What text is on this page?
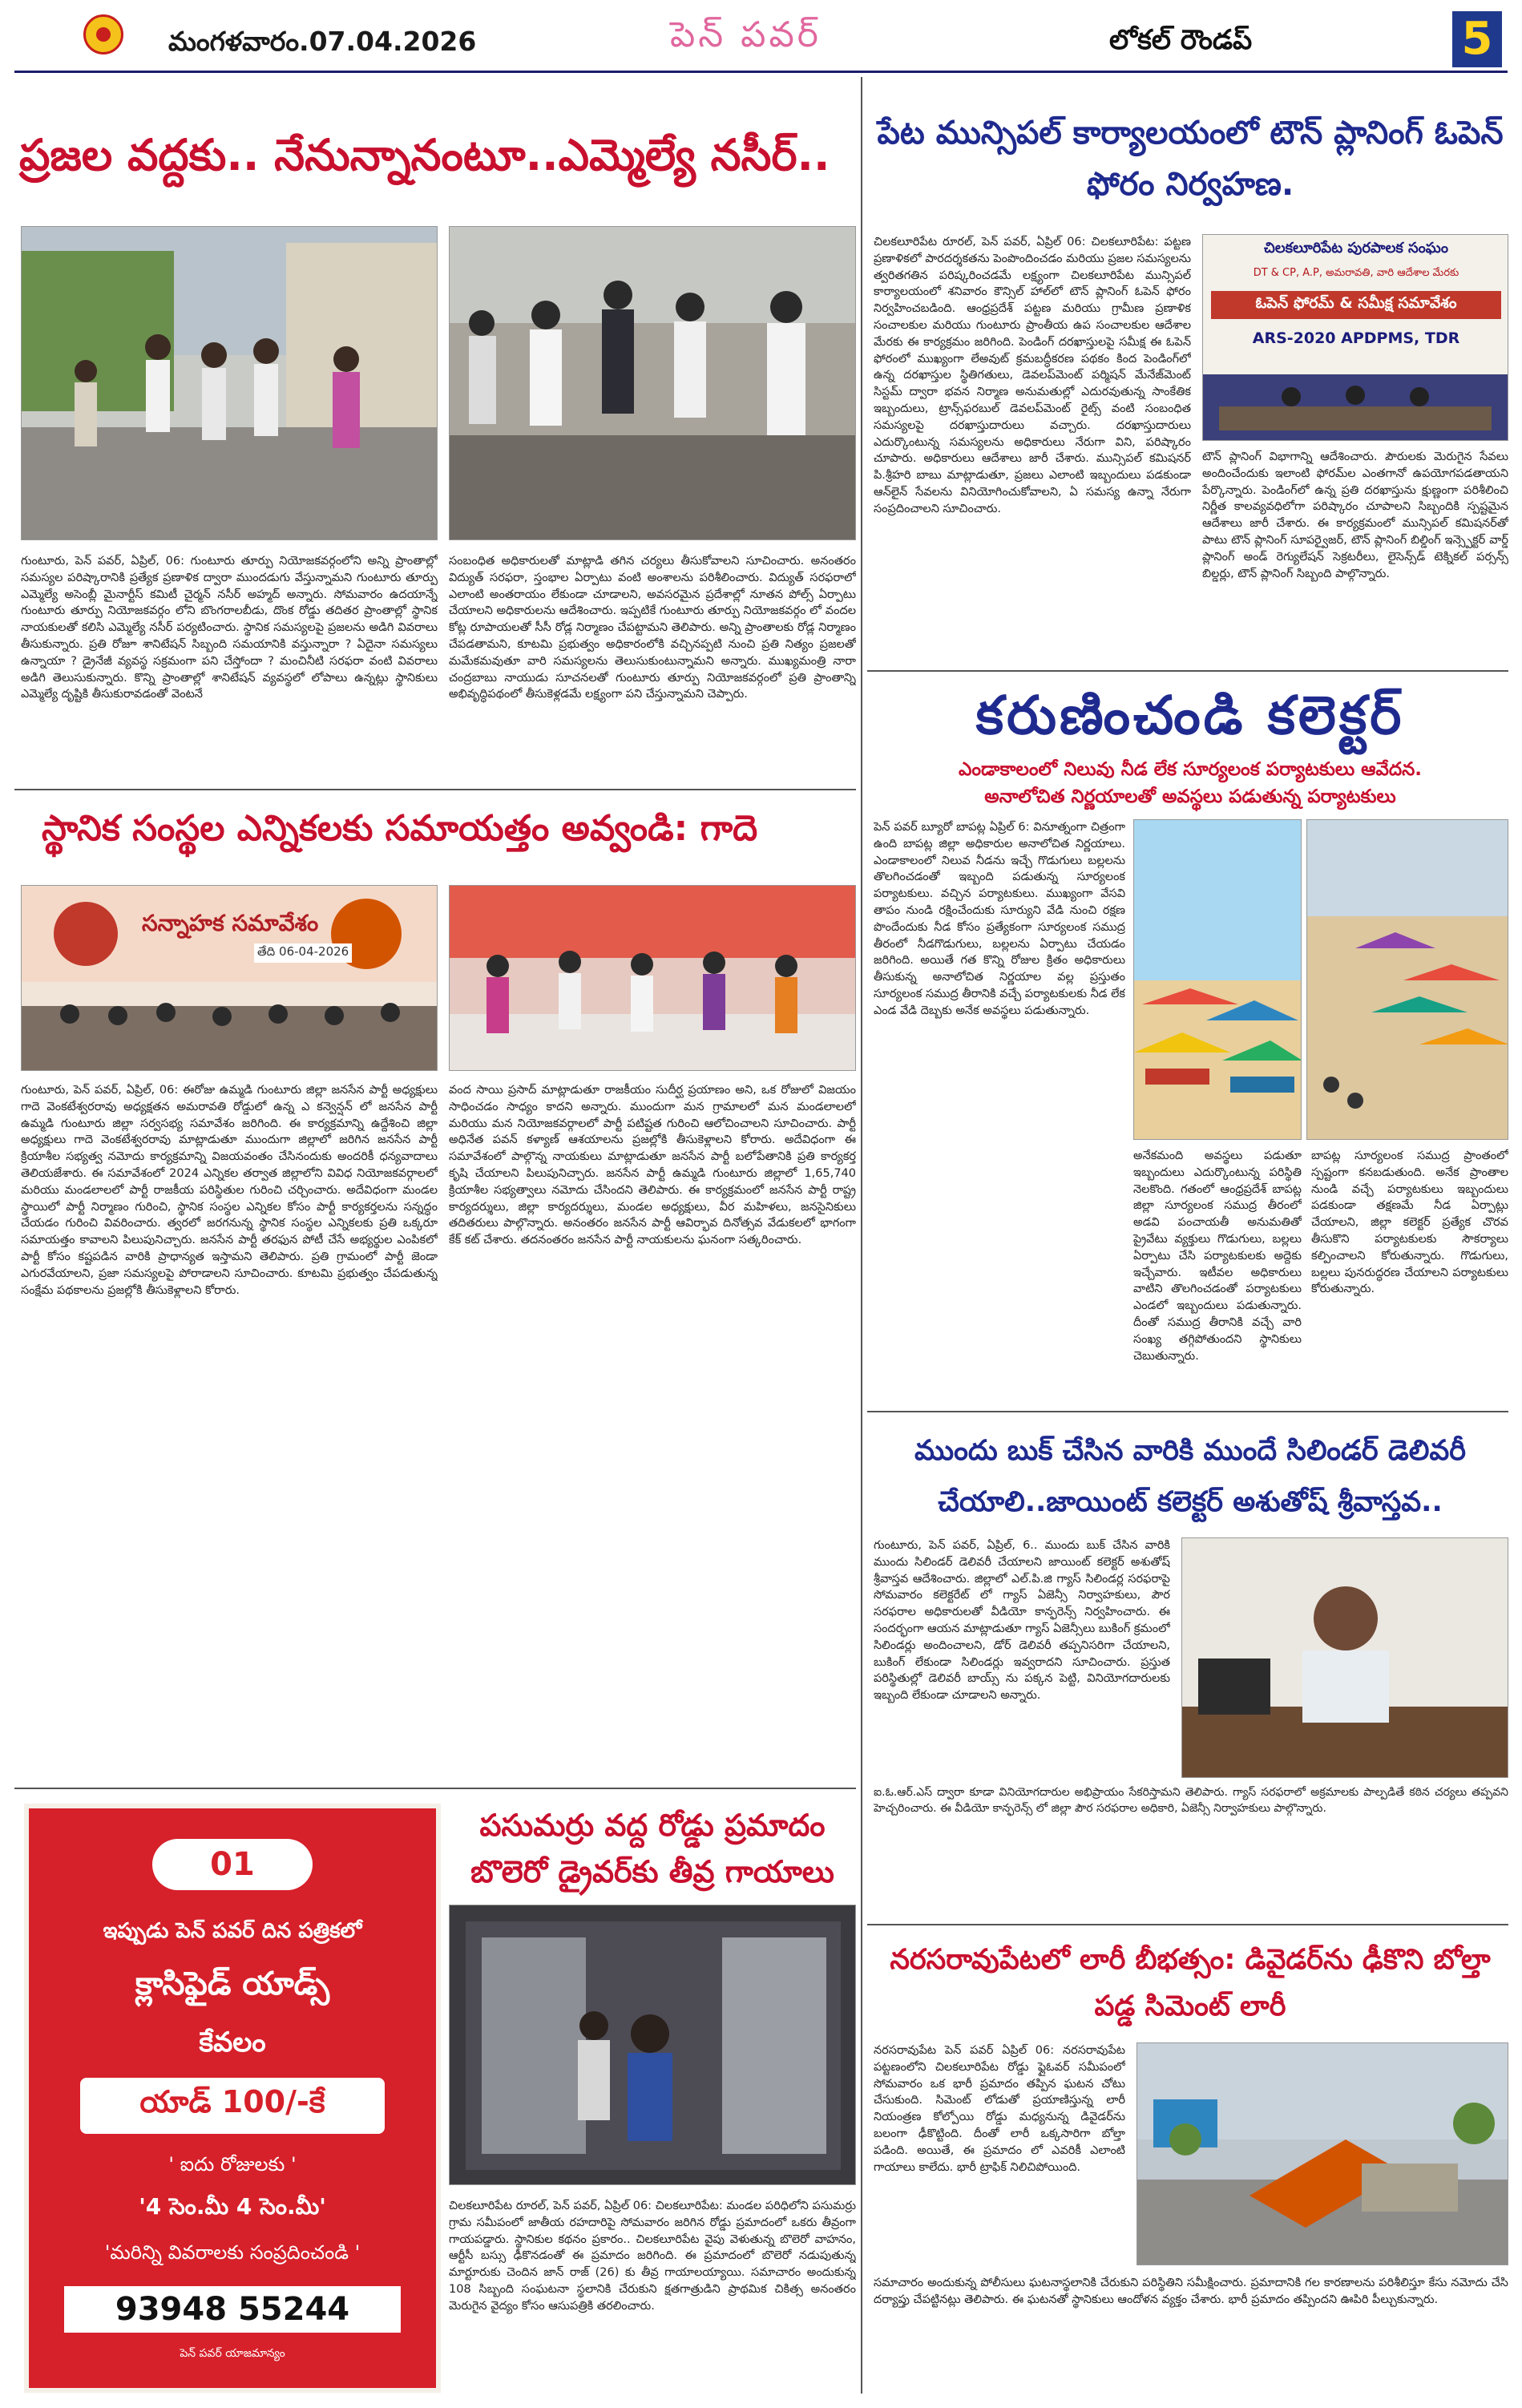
మంగళవారం.07.04.2026	పెన్ పవర్	లోకల్ రౌండప్	5
ప్రజల వద్దకు.. నేనున్నానంటూ..ఎమ్మెల్యే నసీర్..
గుంటూరు, పెన్ పవర్, ఏప్రిల్, 06: గుంటూరు తూర్పు నియోజకవర్గంలోని అన్ని ప్రాంతాల్లో సమస్యల పరిష్కారానికి ప్రత్యేక ప్రణాళిక ద్వారా ముందడుగు వేస్తున్నామని గుంటూరు తూర్పు ఎమ్మెల్యే అసెంబ్లీ మైనార్టీస్ కమిటీ చైర్మన్ నసీర్ అహ్మద్ అన్నారు. సోమవారం ఉదయాన్నే గుంటూరు తూర్పు నియోజకవర్గం లోని బొంగరాలబీడు, దొంక రోడ్డు తదితర ప్రాంతాల్లో స్థానిక నాయకులతో కలిసి ఎమ్మెల్యే నసీర్ పర్యటించారు. స్థానిక సమస్యలపై ప్రజలను అడిగి వివరాలు తీసుకున్నారు. ప్రతి రోజూ శానిటేషన్ సిబ్బంది సమయానికి వస్తున్నారా ? ఏదైనా సమస్యలు ఉన్నాయా ? డ్రైనేజీ వ్యవస్థ సక్రమంగా పని చేస్తోందా ? మంచినీటి సరఫరా వంటి వివరాలు అడిగి తెలుసుకున్నారు. కొన్ని ప్రాంతాల్లో శానిటేషన్ వ్యవస్థలో లోపాలు ఉన్నట్లు స్థానికులు ఎమ్మెల్యే దృష్టికి తీసుకురావడంతో వెంటనే
సంబంధిత అధికారులతో మాట్లాడి తగిన చర్యలు తీసుకోవాలని సూచించారు. అనంతరం విద్యుత్ సరఫరా, స్తంభాల ఏర్పాటు వంటి అంశాలను పరిశీలించారు. విద్యుత్ సరఫరాలో ఎలాంటి అంతరాయం లేకుండా చూడాలని, అవసరమైన ప్రదేశాల్లో నూతన పోల్స్ ఏర్పాటు చేయాలని అధికారులను ఆదేశించారు. ఇప్పటికే గుంటూరు తూర్పు నియోజకవర్గం లో వందల కోట్ల రూపాయలతో సీసీ రోడ్ల నిర్మాణం చేపట్టామని తెలిపారు. అన్ని ప్రాంతాలకు రోడ్ల నిర్మాణం చేపడతామని, కూటమి ప్రభుత్వం అధికారంలోకి వచ్చినప్పటి నుంచి ప్రతి నిత్యం ప్రజలతో మమేకమవుతూ వారి సమస్యలను తెలుసుకుంటున్నామని అన్నారు. ముఖ్యమంత్రి నారా చంద్రబాబు నాయుడు సూచనలతో గుంటూరు తూర్పు నియోజకవర్గంలో ప్రతి ప్రాంతాన్ని అభివృద్ధిపథంలో తీసుకెళ్లడమే లక్ష్యంగా పని చేస్తున్నామని చెప్పారు.
స్థానిక సంస్థల ఎన్నికలకు సమాయత్తం అవ్వండి: గాదె
సన్నాహక సమావేశం
తేది 06-04-2026
గుంటూరు, పెన్ పవర్, ఏప్రిల్, 06: ఈరోజు ఉమ్మడి గుంటూరు జిల్లా జనసేన పార్టీ అధ్యక్షులు గాదె వెంకటేశ్వరరావు అధ్యక్షతన అమరావతి రోడ్డులో ఉన్న ఎ కన్వెన్షన్ లో జనసేన పార్టీ ఉమ్మడి గుంటూరు జిల్లా సర్వసభ్య సమావేశం జరిగింది. ఈ కార్యక్రమాన్ని ఉద్దేశించి జిల్లా అధ్యక్షులు గాదె వెంకటేశ్వరరావు మాట్లాడుతూ ముందుగా జిల్లాలో జరిగిన జనసేన పార్టీ క్రియాశీల సభ్యత్వ నమోదు కార్యక్రమాన్ని విజయవంతం చేసినందుకు అందరికీ ధన్యవాదాలు తెలియజేశారు. ఈ సమావేశంలో 2024 ఎన్నికల తర్వాత జిల్లాలోని వివిధ నియోజకవర్గాలలో మరియు మండలాలలో పార్టీ రాజకీయ పరిస్థితుల గురించి చర్చించారు. అదేవిధంగా మండల స్థాయిలో పార్టీ నిర్మాణం గురించి, స్థానిక సంస్థల ఎన్నికల కోసం పార్టీ కార్యకర్తలను సన్నద్ధం చేయడం గురించి వివరించారు. త్వరలో జరగనున్న స్థానిక సంస్థల ఎన్నికలకు ప్రతి ఒక్కరూ సమాయత్తం కావాలని పిలుపునిచ్చారు. జనసేన పార్టీ తరఫున పోటీ చేసే అభ్యర్థుల ఎంపికలో పార్టీ కోసం కష్టపడిన వారికి ప్రాధాన్యత ఇస్తామని తెలిపారు. ప్రతి గ్రామంలో పార్టీ జెండా ఎగురవేయాలని, ప్రజా సమస్యలపై పోరాడాలని సూచించారు. కూటమి ప్రభుత్వం చేపడుతున్న సంక్షేమ పథకాలను ప్రజల్లోకి తీసుకెళ్లాలని కోరారు.
వంద సాయి ప్రసాద్ మాట్లాడుతూ రాజకీయం సుదీర్ఘ ప్రయాణం అని, ఒక రోజులో విజయం సాధించడం సాధ్యం కాదని అన్నారు. ముందుగా మన గ్రామాలలో మన మండలాలలో మరియు మన నియోజకవర్గాలలో పార్టీ పటిష్టత గురించి ఆలోచించాలని సూచించారు. పార్టీ అధినేత పవన్ కళ్యాణ్ ఆశయాలను ప్రజల్లోకి తీసుకెళ్లాలని కోరారు. అదేవిధంగా ఈ సమావేశంలో పాల్గొన్న నాయకులు మాట్లాడుతూ జనసేన పార్టీ బలోపేతానికి ప్రతి కార్యకర్త కృషి చేయాలని పిలుపునిచ్చారు. జనసేన పార్టీ ఉమ్మడి గుంటూరు జిల్లాలో 1,65,740 క్రియాశీల సభ్యత్వాలు నమోదు చేసిందని తెలిపారు. ఈ కార్యక్రమంలో జనసేన పార్టీ రాష్ట్ర కార్యదర్శులు, జిల్లా కార్యదర్శులు, మండల అధ్యక్షులు, వీర మహిళలు, జనసైనికులు తదితరులు పాల్గొన్నారు. అనంతరం జనసేన పార్టీ ఆవిర్భావ దినోత్సవ వేడుకలలో భాగంగా కేక్ కట్ చేశారు. తదనంతరం జనసేన పార్టీ నాయకులను ఘనంగా సత్కరించారు.
01
ఇప్పుడు పెన్ పవర్ దిన పత్రికలో
క్లాసిఫైడ్ యాడ్స్
కేవలం
యాడ్ 100/-కే
' ఐదు రోజులకు '
'4 సెం.మీ 4 సెం.మీ'
'మరిన్ని వివరాలకు సంప్రదించండి '
93948 55244
పెన్ పవర్ యాజమాన్యం
పసుమర్రు వద్ద రోడ్డు ప్రమాదం
బొలెరో డ్రైవర్‌కు తీవ్ర గాయాలు
చిలకలూరిపేట రూరల్, పెన్ పవర్, ఏప్రిల్ 06: చిలకలూరిపేట: మండల పరిధిలోని పసుమర్రు గ్రామ సమీపంలో జాతీయ రహదారిపై సోమవారం జరిగిన రోడ్డు ప్రమాదంలో ఒకరు తీవ్రంగా గాయపడ్డారు. స్థానికుల కథనం ప్రకారం.. చిలకలూరిపేట వైపు వెళుతున్న బొలెరో వాహనం, ఆర్టీసీ బస్సు ఢీకొనడంతో ఈ ప్రమాదం జరిగింది. ఈ ప్రమాదంలో బొలెరో నడుపుతున్న మార్టూరుకు చెందిన జాన్ రాజ్ (26) కు తీవ్ర గాయాలయ్యాయి. సమాచారం అందుకున్న 108 సిబ్బంది సంఘటనా స్థలానికి చేరుకుని క్షతగాత్రుడిని ప్రాథమిక చికిత్స అనంతరం మెరుగైన వైద్యం కోసం ఆసుపత్రికి తరలించారు.
పేట మున్సిపల్ కార్యాలయంలో టౌన్ ప్లానింగ్ ఓపెన్ ఫోరం నిర్వహణ.
చిలకలూరిపేట రూరల్, పెన్ పవర్, ఏప్రిల్ 06: చిలకలూరిపేట: పట్టణ ప్రణాళికలో పారదర్శకతను పెంపొందించడం మరియు ప్రజల సమస్యలను త్వరితగతిన పరిష్కరించడమే లక్ష్యంగా చిలకలూరిపేట మున్సిపల్ కార్యాలయంలో శనివారం కౌన్సిల్ హాల్‌లో టౌన్ ప్లానింగ్ ఓపెన్ ఫోరం నిర్వహించబడింది. ఆంధ్రప్రదేశ్ పట్టణ మరియు గ్రామీణ ప్రణాళిక సంచాలకుల మరియు గుంటూరు ప్రాంతీయ ఉప సంచాలకుల ఆదేశాల మేరకు ఈ కార్యక్రమం జరిగింది. పెండింగ్ దరఖాస్తులపై సమీక్ష ఈ ఓపెన్ ఫోరంలో ముఖ్యంగా లేఅవుట్ క్రమబద్ధీకరణ పథకం కింద పెండింగ్‌లో ఉన్న దరఖాస్తుల స్థితిగతులు, డెవలప్‌మెంట్ పర్మిషన్ మేనేజ్‌మెంట్ సిస్టమ్ ద్వారా భవన నిర్మాణ అనుమతుల్లో ఎదురవుతున్న సాంకేతిక ఇబ్బందులు, ట్రాన్స్‌ఫరబుల్ డెవలప్‌మెంట్ రైట్స్ వంటి సంబంధిత సమస్యలపై దరఖాస్తుదారులు వచ్చారు. దరఖాస్తుదారులు ఎదుర్కొంటున్న సమస్యలను అధికారులు నేరుగా విని, పరిష్కారం చూపారు. అధికారులు ఆదేశాలు జారీ చేశారు. మున్సిపల్ కమిషనర్ పి.శ్రీహరి బాబు మాట్లాడుతూ, ప్రజలు ఎలాంటి ఇబ్బందులు పడకుండా ఆన్‌లైన్ సేవలను వినియోగించుకోవాలని, ఏ సమస్య ఉన్నా నేరుగా సంప్రదించాలని సూచించారు.
చిలకలూరిపేట పురపాలక సంఘం
DT & CP, A.P, అమరావతి, వారి ఆదేశాల మేరకు
ఓపెన్ ఫోరమ్ & సమీక్ష సమావేశం
ARS-2020 APDPMS, TDR
టౌన్ ప్లానింగ్ విభాగాన్ని ఆదేశించారు. పౌరులకు మెరుగైన సేవలు అందించేందుకు ఇలాంటి ఫోరమ్‌ల ఎంతగానో ఉపయోగపడతాయని పేర్కొన్నారు. పెండింగ్‌లో ఉన్న ప్రతి దరఖాస్తును క్షుణ్ణంగా పరిశీలించి నిర్ణీత కాలవ్యవధిలోగా పరిష్కారం చూపాలని సిబ్బందికి స్పష్టమైన ఆదేశాలు జారీ చేశారు. ఈ కార్యక్రమంలో మున్సిపల్ కమిషనర్‌తో పాటు టౌన్ ప్లానింగ్ సూపర్వైజర్, టౌన్ ప్లానింగ్ బిల్డింగ్ ఇన్స్పెక్టర్ వార్డ్ ప్లానింగ్ అండ్ రెగ్యులేషన్ సెక్రటరీలు, లైసెన్స్‌డ్ టెక్నికల్ పర్సన్స్ బిల్డర్లు, టౌన్ ప్లానింగ్ సిబ్బంది పాల్గొన్నారు.
కరుణించండి కలెక్టర్
ఎండాకాలంలో నిలువు నీడ లేక సూర్యలంక పర్యాటకులు ఆవేదన.
అనాలోచిత నిర్ణయాలతో అవస్థలు పడుతున్న పర్యాటకులు
పెన్ పవర్ బ్యూరో బాపట్ల ఏప్రిల్ 6: వినూత్నంగా చిత్రంగా ఉంది బాపట్ల జిల్లా అధికారుల అనాలోచిత నిర్ణయాలు. ఎండాకాలంలో నిలువ నీడను ఇచ్చే గొడుగులు బల్లలను తొలగించడంతో ఇబ్బంది పడుతున్న సూర్యలంక పర్యాటకులు. వచ్చిన పర్యాటకులు. ముఖ్యంగా వేసవి తాపం నుండి రక్షించేందుకు సూర్యుని వేడి నుంచి రక్షణ పొందేందుకు నీడ కోసం ప్రత్యేకంగా సూర్యలంక సముద్ర తీరంలో నీడగొడుగులు, బల్లలను ఏర్పాటు చేయడం జరిగింది. అయితే గత కొన్ని రోజుల క్రితం అధికారులు తీసుకున్న అనాలోచిత నిర్ణయాల వల్ల ప్రస్తుతం సూర్యలంక సముద్ర తీరానికి వచ్చే పర్యాటకులకు నీడ లేక ఎండ వేడి దెబ్బకు అనేక అవస్థలు పడుతున్నారు.
అనేకమంది అవస్థలు పడుతూ ఇబ్బందులు ఎదుర్కొంటున్న పరిస్థితి నెలకొంది. గతంలో ఆంధ్రప్రదేశ్ బాపట్ల జిల్లా సూర్యలంక సముద్ర తీరంలో అడవి పంచాయతీ అనుమతితో ప్రైవేటు వ్యక్తులు గొడుగులు, బల్లలు ఏర్పాటు చేసి పర్యాటకులకు అద్దెకు ఇచ్చేవారు. ఇటీవల అధికారులు వాటిని తొలగించడంతో పర్యాటకులు ఎండలో ఇబ్బందులు పడుతున్నారు. దీంతో సముద్ర తీరానికి వచ్చే వారి సంఖ్య తగ్గిపోతుందని స్థానికులు చెబుతున్నారు.
బాపట్ల సూర్యలంక సముద్ర ప్రాంతంలో స్పష్టంగా కనబడుతుంది. అనేక ప్రాంతాల నుండి వచ్చే పర్యాటకులు ఇబ్బందులు పడకుండా తక్షణమే నీడ ఏర్పాట్లు చేయాలని, జిల్లా కలెక్టర్ ప్రత్యేక చొరవ తీసుకొని పర్యాటకులకు సౌకర్యాలు కల్పించాలని కోరుతున్నారు. గొడుగులు, బల్లలు పునరుద్ధరణ చేయాలని పర్యాటకులు కోరుతున్నారు.
ముందు బుక్ చేసిన వారికి ముందే సిలిండర్ డెలివరీ చేయాలి..జాయింట్ కలెక్టర్ అశుతోష్ శ్రీవాస్తవ..
గుంటూరు, పెన్ పవర్, ఏప్రిల్, 6.. ముందు బుక్ చేసిన వారికి ముందు సిలిండర్ డెలివరీ చేయాలని జాయింట్ కలెక్టర్ అశుతోష్ శ్రీవాస్తవ ఆదేశించారు. జిల్లాలో ఎల్.పి.జి గ్యాస్ సిలిండర్ల సరఫరాపై సోమవారం కలెక్టరేట్ లో గ్యాస్ ఏజెన్సీ నిర్వాహకులు, పౌర సరఫరాల అధికారులతో వీడియో కాన్ఫరెన్స్ నిర్వహించారు. ఈ సందర్భంగా ఆయన మాట్లాడుతూ గ్యాస్ ఏజెన్సీలు బుకింగ్ క్రమంలో సిలిండర్లు అందించాలని, డోర్ డెలివరీ తప్పనిసరిగా చేయాలని, బుకింగ్ లేకుండా సిలిండర్లు ఇవ్వరాదని సూచించారు. ప్రస్తుత పరిస్థితుల్లో డెలివరీ బాయ్స్ ను పక్కన పెట్టి, వినియోగదారులకు ఇబ్బంది లేకుండా చూడాలని అన్నారు.
ఐ.ఓ.ఆర్.ఎస్ ద్వారా కూడా వినియోగదారుల అభిప్రాయం సేకరిస్తామని తెలిపారు. గ్యాస్ సరఫరాలో అక్రమాలకు పాల్పడితే కఠిన చర్యలు తప్పవని హెచ్చరించారు. ఈ వీడియో కాన్ఫరెన్స్ లో జిల్లా పౌర సరఫరాల అధికారి, ఏజెన్సీ నిర్వాహకులు పాల్గొన్నారు.
నరసరావుపేటలో లారీ బీభత్సం: డివైడర్‌ను ఢీకొని బోల్తా పడ్డ సిమెంట్ లారీ
నరసరావుపేట పెన్ పవర్ ఏప్రిల్ 06: నరసరావుపేట పట్టణంలోని చిలకలూరిపేట రోడ్డు ఫ్లైఓవర్ సమీపంలో సోమవారం ఒక భారీ ప్రమాదం తప్పిన ఘటన చోటు చేసుకుంది. సిమెంట్ లోడుతో ప్రయాణిస్తున్న లారీ నియంత్రణ కోల్పోయి రోడ్డు మధ్యనున్న డివైడర్‌ను బలంగా ఢీకొట్టింది. దీంతో లారీ ఒక్కసారిగా బోల్తా పడింది. అయితే, ఈ ప్రమాదం లో ఎవరికీ ఎలాంటి గాయాలు కాలేదు. భారీ ట్రాఫిక్ నిలిచిపోయింది.
సమాచారం అందుకున్న పోలీసులు ఘటనాస్థలానికి చేరుకుని పరిస్థితిని సమీక్షించారు. ప్రమాదానికి గల కారణాలను పరిశీలిస్తూ కేసు నమోదు చేసి దర్యాప్తు చేపట్టినట్లు తెలిపారు. ఈ ఘటనతో స్థానికులు ఆందోళన వ్యక్తం చేశారు. భారీ ప్రమాదం తప్పిందని ఊపిరి పీల్చుకున్నారు.
